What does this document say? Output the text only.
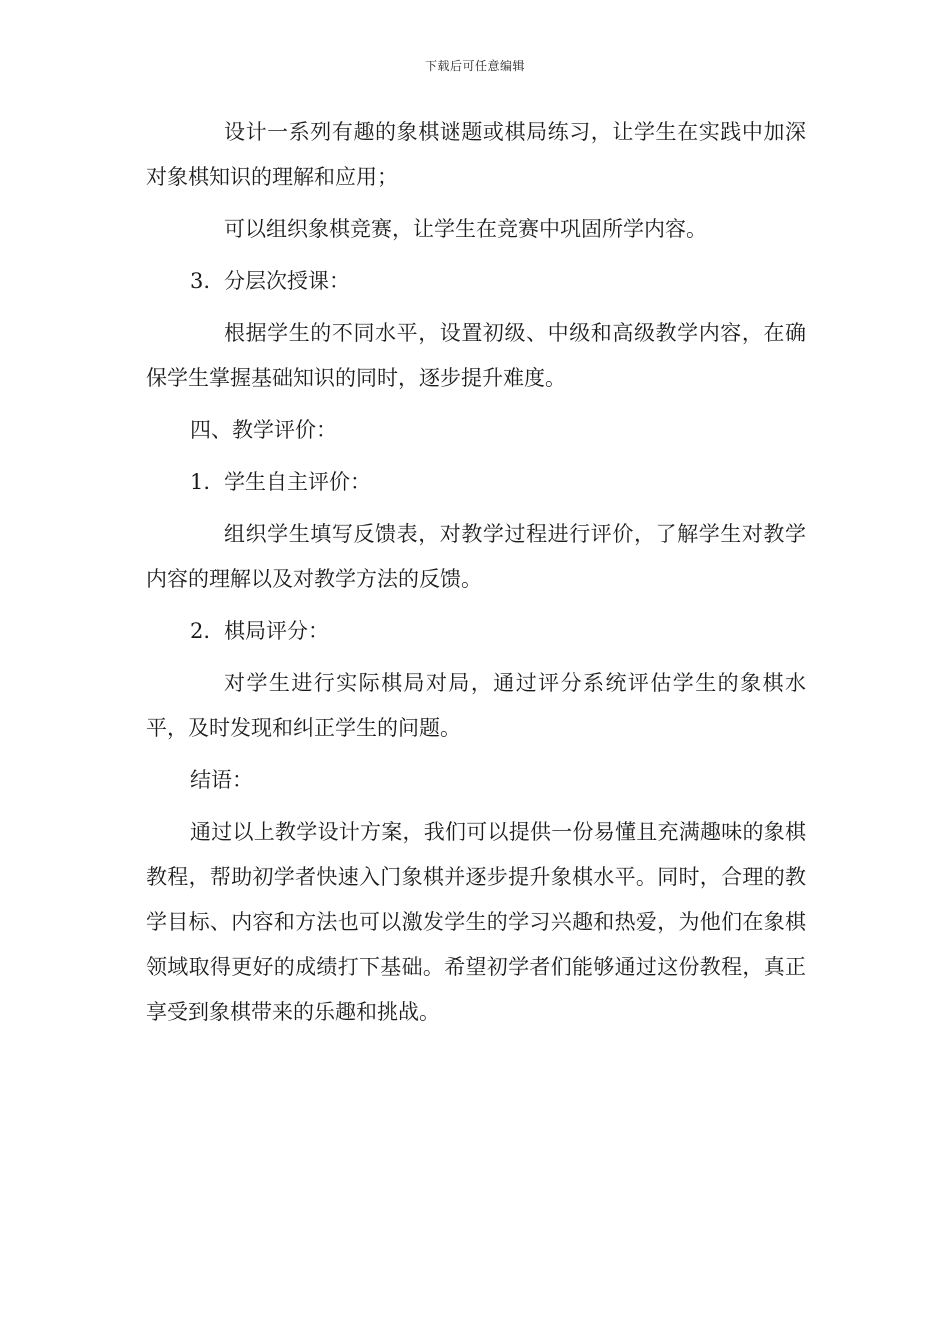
下载后可任意编辑

设计一系列有趣的象棋谜题或棋局练习，让学生在实践中加深对象棋知识的理解和应用；

可以组织象棋竞赛，让学生在竞赛中巩固所学内容。

3. 分层次授课：

根据学生的不同水平，设置初级、中级和高级教学内容，在确保学生掌握基础知识的同时，逐步提升难度。

四、教学评价：

1. 学生自主评价：

组织学生填写反馈表，对教学过程进行评价，了解学生对教学内容的理解以及对教学方法的反馈。

2. 棋局评分：

对学生进行实际棋局对局，通过评分系统评估学生的象棋水平，及时发现和纠正学生的问题。

结语：

通过以上教学设计方案，我们可以提供一份易懂且充满趣味的象棋教程，帮助初学者快速入门象棋并逐步提升象棋水平。同时，合理的教学目标、内容和方法也可以激发学生的学习兴趣和热爱，为他们在象棋领域取得更好的成绩打下基础。希望初学者们能够通过这份教程，真正享受到象棋带来的乐趣和挑战。
